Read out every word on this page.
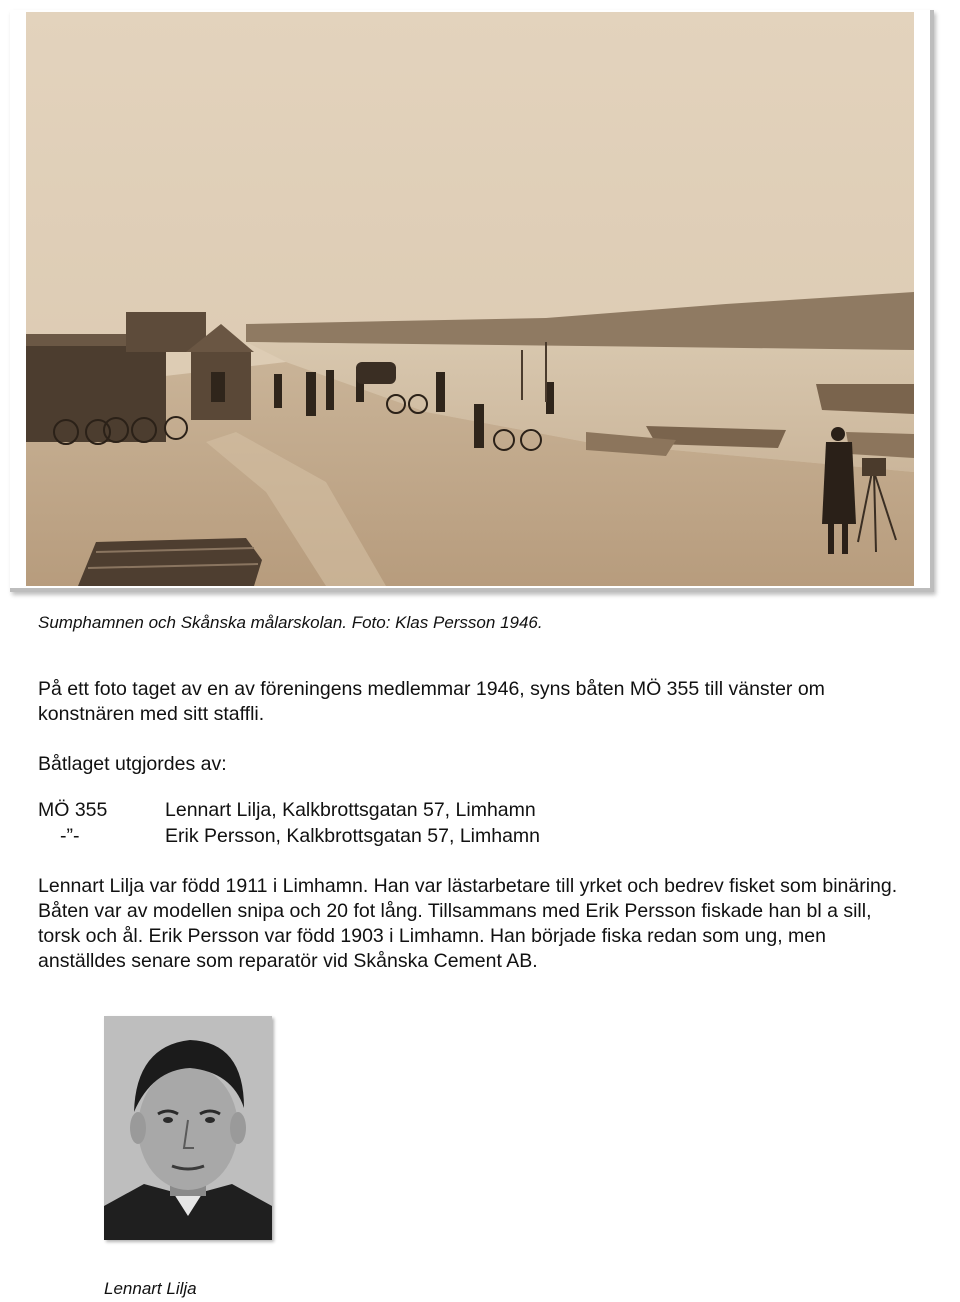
Sumphamnen och Skånska målarskolan. Foto: Klas Persson 1946.
På ett foto taget av en av föreningens medlemmar 1946, syns båten MÖ 355 till vänster om konstnären med sitt staffli.
Båtlaget utgjordes av:
MÖ 355	Lennart Lilja, Kalkbrottsgatan 57, Limhamn
-”-	Erik Persson, Kalkbrottsgatan 57, Limhamn
Lennart Lilja var född 1911 i Limhamn. Han var lästarbetare till yrket och bedrev fisket som binäring. Båten var av modellen snipa och 20 fot lång. Tillsammans med Erik Persson fiskade han bl a sill, torsk och ål. Erik Persson var född 1903 i Limhamn. Han började fiska redan som ung, men anställdes senare som reparatör vid Skånska Cement AB.
Lennart Lilja
